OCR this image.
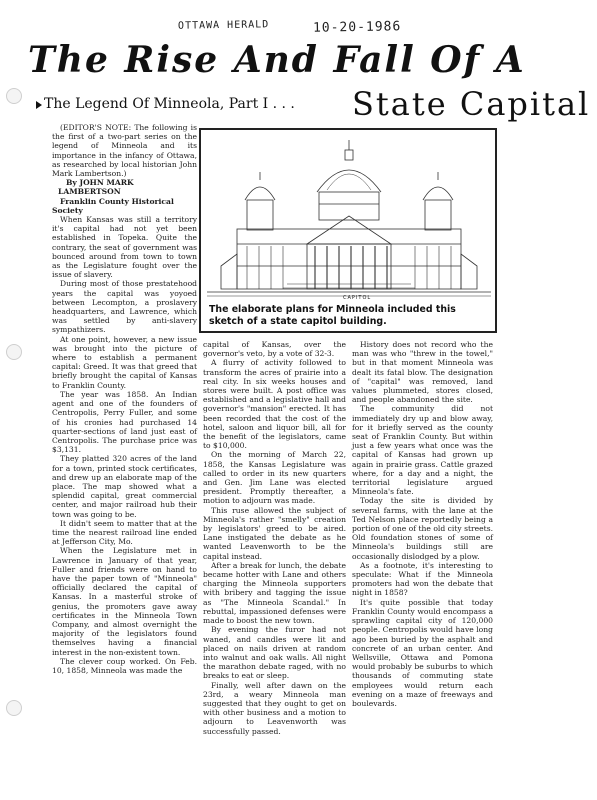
OTTAWA HERALD	10-20-1986
The Rise And Fall Of A
The Legend Of Minneola, Part I . . . State Capital

(EDITOR'S NOTE: The following is the first of a two-part series on the legend of Minneola and its importance in the infancy of Ottawa, as researched by local historian John Mark Lambertson.)

By JOHN MARK LAMBERTSON
Franklin County Historical Society

When Kansas was still a territory it's capital had not yet been established in Topeka. Quite the contrary, the seat of government was bounced around from town to town as the Legislature fought over the issue of slavery.

During most of those prestatehood years the capital was yoyoed between Lecompton, a proslavery headquarters, and Lawrence, which was settled by anti-slavery sympathizers.

At one point, however, a new issue was brought into the picture of where to establish a permanent capital: Greed. It was that greed that briefly brought the capital of Kansas to Franklin County.

The year was 1858. An Indian agent and one of the founders of Centropolis, Perry Fuller, and some of his cronies had purchased 14 quarter-sections of land just east of Centropolis. The purchase price was $3,131.

They platted 320 acres of the land for a town, printed stock certificates, and drew up an elaborate map of the place. The map showed what a splendid capital, great commercial center, and major railroad hub their town was going to be.

It didn't seem to matter that at the time the nearest railroad line ended at Jefferson City, Mo.

When the Legislature met in Lawrence in January of that year, Fuller and friends were on hand to have the paper town of "Minneola" officially declared the capital of Kansas. In a masterful stroke of genius, the promoters gave away certificates in the Minneola Town Company, and almost overnight the majority of the legislators found themselves having a financial interest in the non-existent town.

The clever coup worked. On Feb. 10, 1858, Minneola was made the

CAPITOL
The elaborate plans for Minneola included this sketch of a state capitol building.

capital of Kansas, over the governor's veto, by a vote of 32-3.

A flurry of activity followed to transform the acres of prairie into a real city. In six weeks houses and stores were built. A post office was established and a legislative hall and governor's "mansion" erected. It has been recorded that the cost of the hotel, saloon and liquor bill, all for the benefit of the legislators, came to $10,000.

On the morning of March 22, 1858, the Kansas Legislature was called to order in its new quarters and Gen. Jim Lane was elected president. Promptly thereafter, a motion to adjourn was made.

This ruse allowed the subject of Minneola's rather "smelly" creation by legislators' greed to be aired. Lane instigated the debate as he wanted Leavenworth to be the capital instead.

After a break for lunch, the debate became hotter with Lane and others charging the Minneola supporters with bribery and tagging the issue as "The Minneola Scandal." In rebuttal, impassioned defenses were made to boost the new town.

By evening the furor had not waned, and candles were lit and placed on nails driven at random into walnut and oak walls. All night the marathon debate raged, with no breaks to eat or sleep.

Finally, well after dawn on the 23rd, a weary Minneola man suggested that they ought to get on with other business and a motion to adjourn to Leavenworth was successfully passed.

History does not record who the man was who "threw in the towel," but in that moment Minneola was dealt its fatal blow. The designation of "capital" was removed, land values plummeted, stores closed, and people abandoned the site.

The community did not immediately dry up and blow away, for it briefly served as the county seat of Franklin County. But within just a few years what once was the capital of Kansas had grown up again in prairie grass. Cattle grazed where, for a day and a night, the territorial legislature argued Minneola's fate.

Today the site is divided by several farms, with the lane at the Ted Nelson place reportedly being a portion of one of the old city streets. Old foundation stones of some of Minneola's buildings still are occasionally dislodged by a plow.

As a footnote, it's interesting to speculate: What if the Minneola promoters had won the debate that night in 1858?

It's quite possible that today Franklin County would encompass a sprawling capital city of 120,000 people. Centropolis would have long ago been buried by the asphalt and concrete of an urban center. And Wellsville, Ottawa and Pomona would probably be suburbs to which thousands of commuting state employees would return each evening on a maze of freeways and boulevards.
